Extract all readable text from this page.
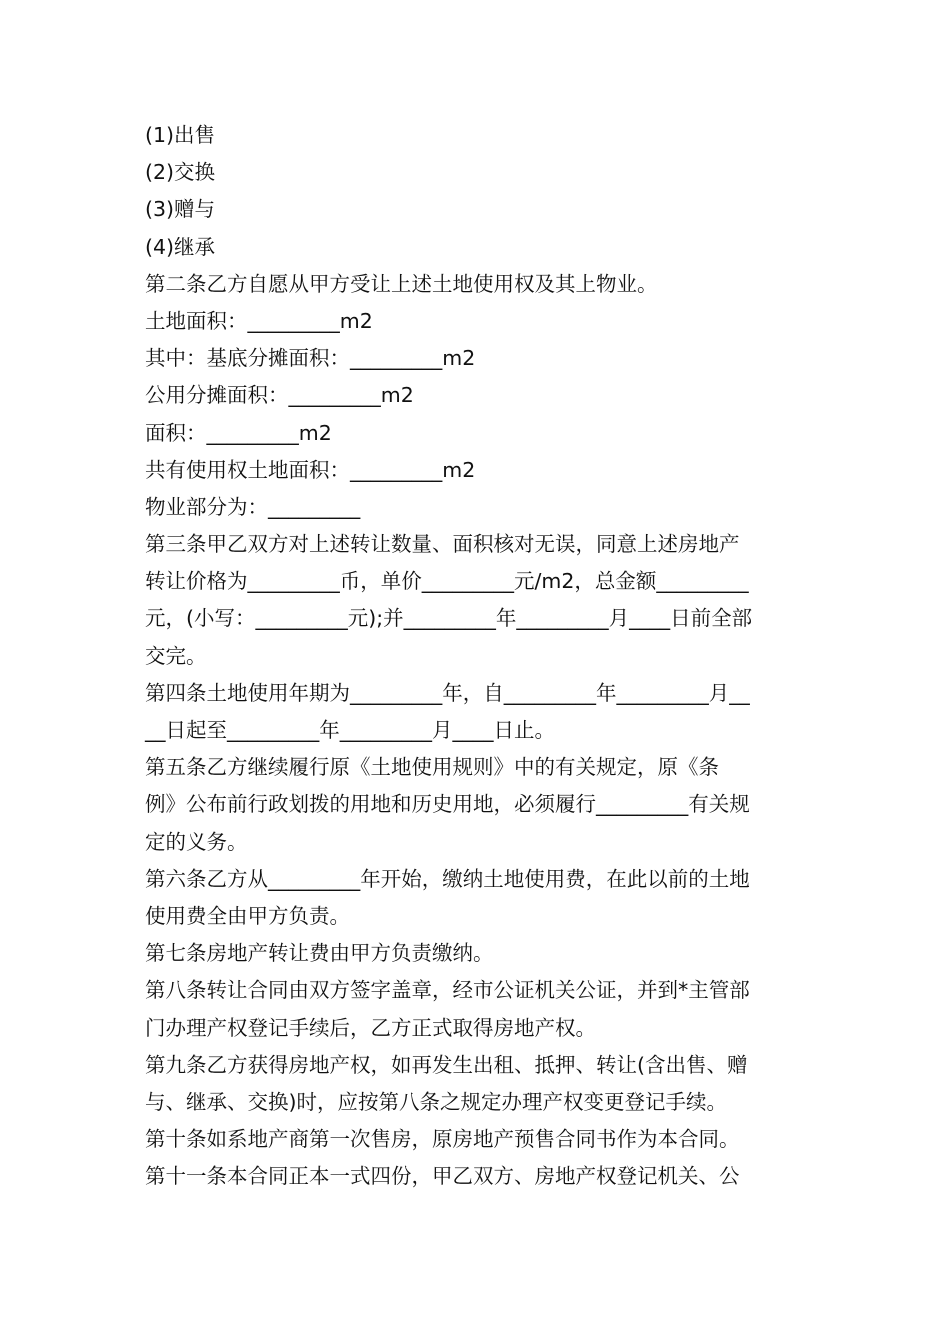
(1)出售
(2)交换
(3)赠与
(4)继承
第二条乙方自愿从甲方受让上述土地使用权及其上物业。
土地面积：_________m2
其中：基底分摊面积：_________m2
公用分摊面积：_________m2
面积：_________m2
共有使用权土地面积：_________m2
物业部分为：_________
第三条甲乙双方对上述转让数量、面积核对无误，同意上述房地产
转让价格为_________币，单价_________元/m2，总金额_________
元，(小写：_________元);并_________年_________月____日前全部
交完。
第四条土地使用年期为_________年，自_________年_________月__
__日起至_________年_________月____日止。
第五条乙方继续履行原《土地使用规则》中的有关规定，原《条
例》公布前行政划拨的用地和历史用地，必须履行_________有关规
定的义务。
第六条乙方从_________年开始，缴纳土地使用费，在此以前的土地
使用费全由甲方负责。
第七条房地产转让费由甲方负责缴纳。
第八条转让合同由双方签字盖章，经市公证机关公证，并到*主管部
门办理产权登记手续后，乙方正式取得房地产权。
第九条乙方获得房地产权，如再发生出租、抵押、转让(含出售、赠
与、继承、交换)时，应按第八条之规定办理产权变更登记手续。
第十条如系地产商第一次售房，原房地产预售合同书作为本合同。
第十一条本合同正本一式四份，甲乙双方、房地产权登记机关、公
